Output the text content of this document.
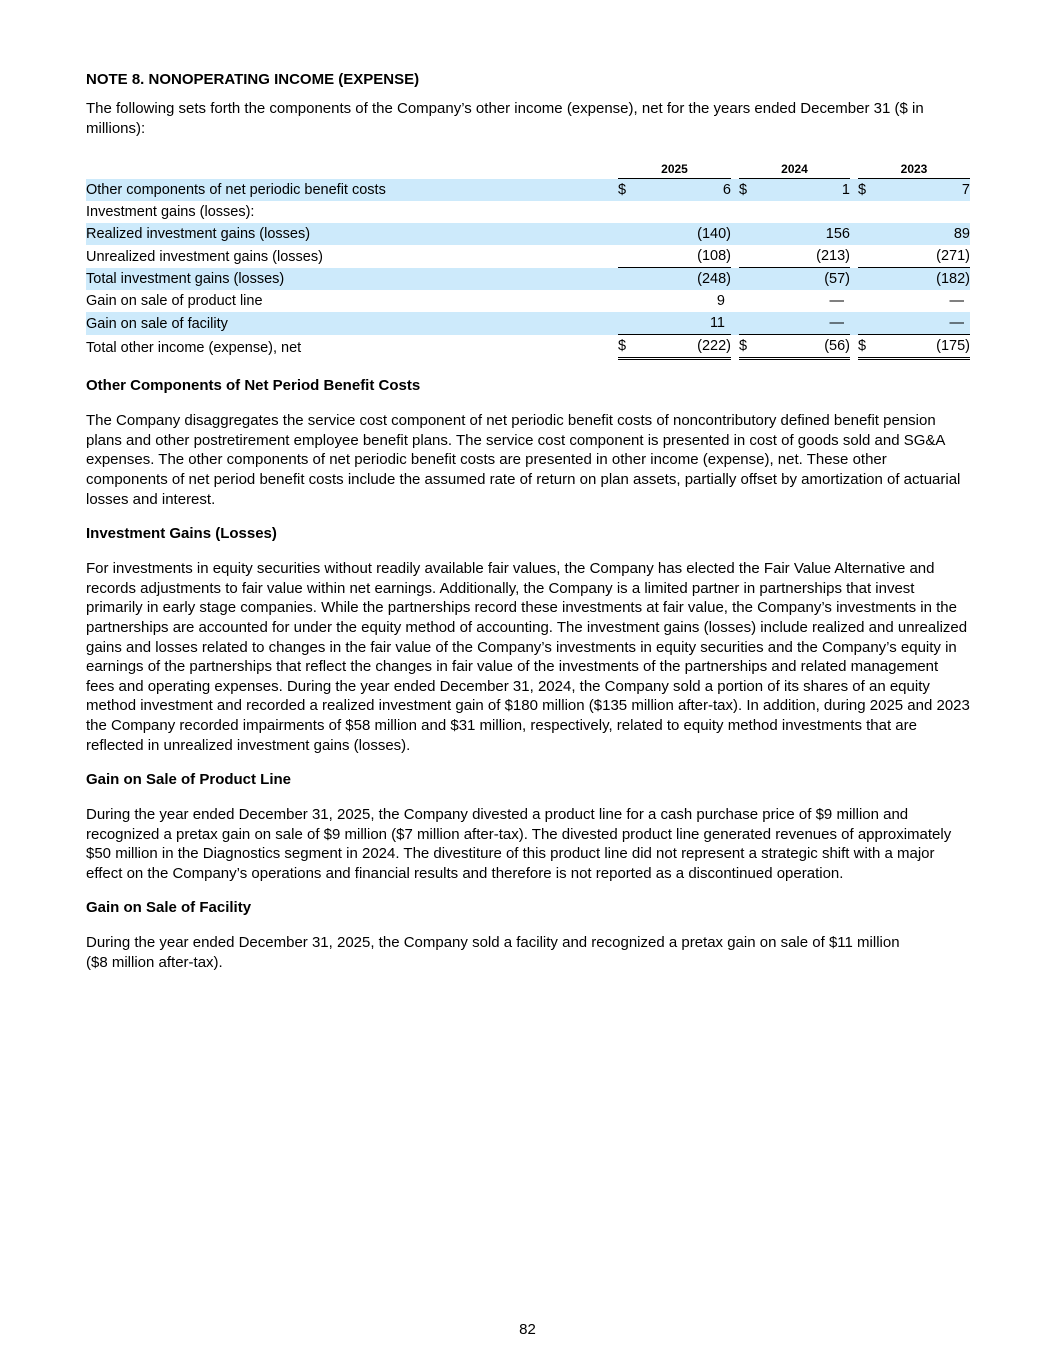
NOTE 8. NONOPERATING INCOME (EXPENSE)

The following sets forth the components of the Company’s other income (expense), net for the years ended December 31 ($ in millions):

	2025			2024			2023	

Other components of net periodic benefit costs	$	6		$	1		$	7
Investment gains (losses):								
Realized investment gains (losses)		(140)			156			89
Unrealized investment gains (losses)		(108)			(213)			(271)
Total investment gains (losses)		(248)			(57)			(182)
Gain on sale of product line		9			—			—
Gain on sale of facility		11			—			—
Total other income (expense), net	$	(222)		$	(56)		$	(175)
Other Components of Net Period Benefit Costs

The Company disaggregates the service cost component of net periodic benefit costs of noncontributory defined benefit pension plans and other postretirement employee benefit plans. The service cost component is presented in cost of goods sold and SG&A expenses. The other components of net periodic benefit costs are presented in other income (expense), net. These other components of net period benefit costs include the assumed rate of return on plan assets, partially offset by amortization of actuarial losses and interest.

Investment Gains (Losses)

For investments in equity securities without readily available fair values, the Company has elected the Fair Value Alternative and records adjustments to fair value within net earnings. Additionally, the Company is a limited partner in partnerships that invest primarily in early stage companies. While the partnerships record these investments at fair value, the Company’s investments in the partnerships are accounted for under the equity method of accounting. The investment gains (losses) include realized and unrealized gains and losses related to changes in the fair value of the Company’s investments in equity securities and the Company’s equity in earnings of the partnerships that reflect the changes in fair value of the investments of the partnerships and related management fees and operating expenses. During the year ended December 31, 2024, the Company sold a portion of its shares of an equity method investment and recorded a realized investment gain of $180 million ($135 million after-tax). In addition, during 2025 and 2023 the Company recorded impairments of $58 million and $31 million, respectively, related to equity method investments that are reflected in unrealized investment gains (losses).

Gain on Sale of Product Line

During the year ended December 31, 2025, the Company divested a product line for a cash purchase price of $9 million and recognized a pretax gain on sale of $9 million ($7 million after-tax). The divested product line generated revenues of approximately $50 million in the Diagnostics segment in 2024. The divestiture of this product line did not represent a strategic shift with a major effect on the Company’s operations and financial results and therefore is not reported as a discontinued operation.

Gain on Sale of Facility

During the year ended December 31, 2025, the Company sold a facility and recognized a pretax gain on sale of $11 million ($8 million after-tax).

82
